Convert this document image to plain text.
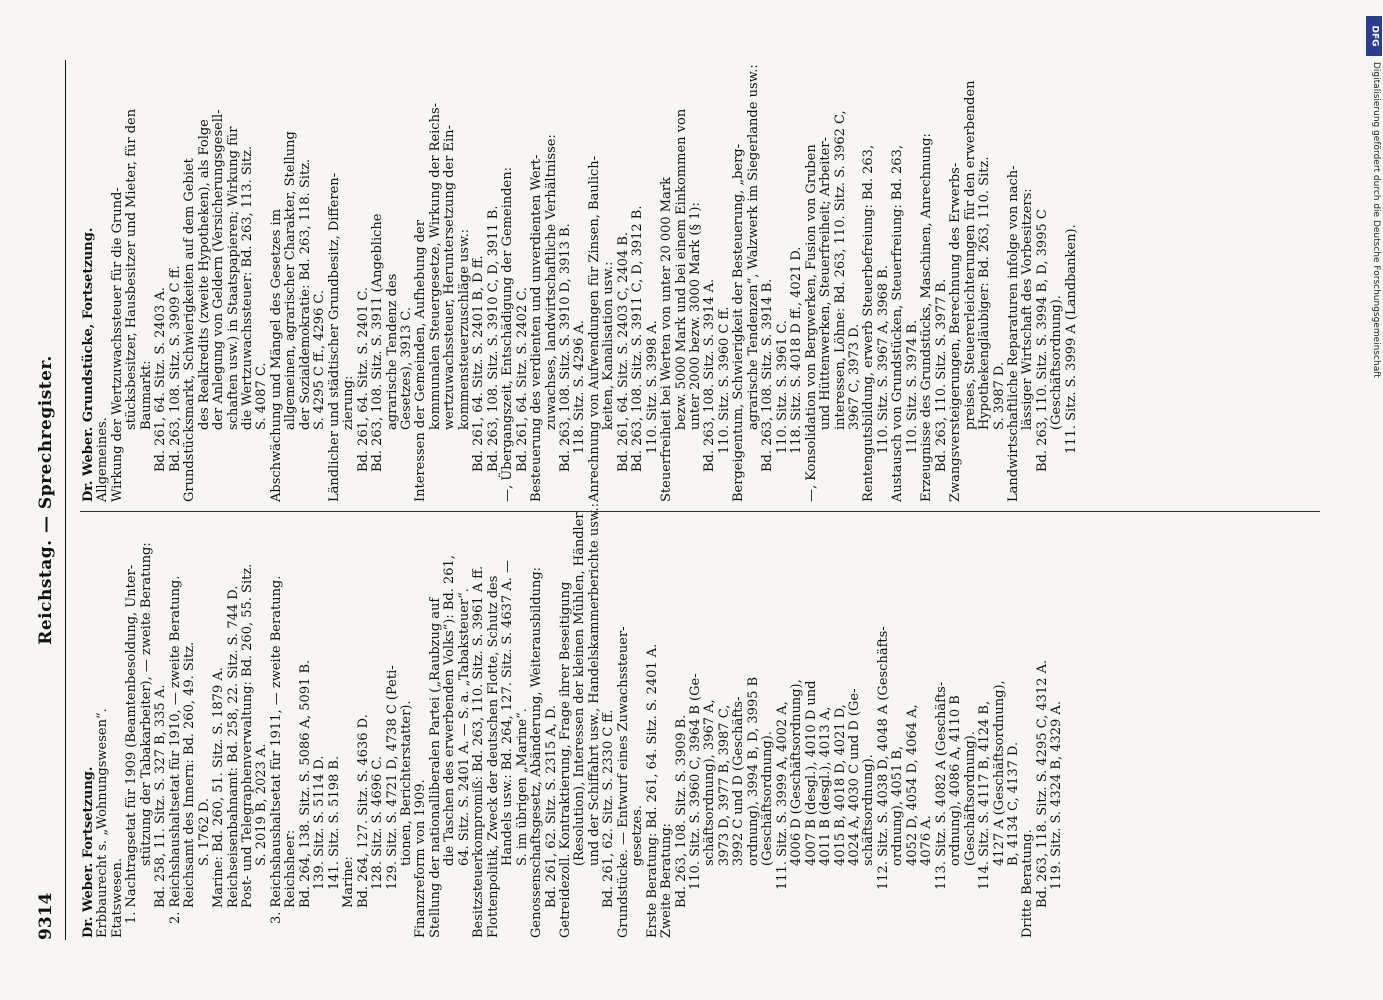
9314
Reichstag. — Sprechregister.
Dr. Weber. Fortsetzung. Erbbaurecht s. „Wohnungswesen“. Etatswesen. 1. Nachtragsetat für 1909 (Beamtenbesoldung, Unter- stützung der Tabakarbeiter), — zweite Beratung: Bd. 258, 11. Sitz. S. 327 B, 335 A. 2. Reichshaushaltsetat für 1910, — zweite Beratung. Reichsamt des Innern: Bd. 260, 49. Sitz. S. 1762 D. Marine: Bd. 260, 51. Sitz. S. 1879 A. Reichseisenbahnamt: Bd. 258, 22. Sitz. S. 744 D. Post- und Telegraphenverwaltung: Bd. 260, 55. Sitz. S. 2019 B, 2023 A. 3. Reichshaushaltsetat für 1911, — zweite Beratung. Reichsheer: Bd. 264, 138. Sitz. S. 5086 A, 5091 B. 139. Sitz. S. 5114 D. 141. Sitz. S. 5198 B. Marine: Bd. 264, 127. Sitz. S. 4636 D. 128. Sitz. S. 4696 C. 129. Sitz. S. 4721 D, 4738 C (Peti- tionen, Berichterstatter). Finanzreform von 1909. Stellung der nationalliberalen Partei („Raubzug auf die Taschen des erwerbenden Volks“): Bd. 261, 64. Sitz. S. 2401 A. — S. a. „Tabaksteuer“. Besitzsteuerkompromiß: Bd. 263, 110. Sitz. S. 3961 A ff. Flottenpolitik, Zweck der deutschen Flotte, Schutz des Handels usw.: Bd. 264, 127. Sitz. S. 4637 A. — S. im übrigen „Marine“. Genossenschaftsgesetz, Abänderung, Weiterausbildung: Bd. 261, 62. Sitz. S. 2315 A, D. Getreidezoll. Kontraktierung, Frage ihrer Beseitigung (Resolution), Interessen der kleinen Mühlen, Händler und der Schiffahrt usw., Handelskammerberichte usw.: Bd. 261, 62. Sitz. S. 2330 C ff. Grundstücke. — Entwurf eines Zuwachssteuer- gesetzes. Erste Beratung: Bd. 261, 64. Sitz. S. 2401 A. Zweite Beratung: Bd. 263, 108. Sitz. S. 3909 B. 110. Sitz. S. 3960 C, 3964 B (Ge- schäftsordnung), 3967 A, 3973 D, 3977 B, 3987 C, 3992 C und D (Geschäfts- ordnung), 3994 B, D, 3995 B (Geschäftsordnung). 111. Sitz. S. 3999 A, 4002 A, 4006 D (Geschäftsordnung), 4007 B (desgl.), 4010 D und 4011 B (desgl.), 4013 A, 4015 B, 4018 D, 4021 D, 4024 A, 4030 C und D (Ge- schäftsordnung). 112. Sitz. S. 4038 D, 4048 A (Geschäfts- ordnung), 4051 B, 4052 D, 4054 D, 4064 A, 4076 A. 113. Sitz. S. 4082 A (Geschäfts- ordnung), 4086 A, 4110 B (Geschäftsordnung). 114. Sitz. S. 4117 B, 4124 B, 4127 A (Geschäftsordnung), B, 4134 C, 4137 D.
Dritte Beratung. Bd. 263, 118. Sitz. S. 4295 C, 4312 A. 119. Sitz. S. 4324 B, 4329 A.
Dr. Weber. Grundstücke, Fortsetzung. Allgemeines. Wirkung der Wertzuwachssteuer für die Grund- stücksbesitzer, Hausbesitzer und Mieter, für den Baumarkt: Bd. 261, 64. Sitz. S. 2403 A. Bd. 263, 108. Sitz. S. 3909 C ff. Grundstücksmarkt, Schwierigkeiten auf dem Gebiet des Realkredits (zweite Hypotheken), als Folge der Anlegung von Geldern (Versicherungsgesell- schaften usw.) in Staatspapieren; Wirkung für die Wertzuwachssteuer: Bd. 263, 113. Sitz. S. 4087 C. Abschwächung und Mängel des Gesetzes im allgemeinen, agrarischer Charakter, Stellung der Sozialdemokratie: Bd. 263, 118. Sitz. S. 4295 C ff., 4296 C. Ländlicher und städtischer Grundbesitz, Differen- zierung: Bd. 261, 64. Sitz. S. 2401 C. Bd. 263, 108. Sitz. S. 3911 (Angebliche agrarische Tendenz des Gesetzes), 3913 C. Interessen der Gemeinden, Aufhebung der kommunalen Steuergesetze, Wirkung der Reichs- wertzuwachssteuer, Heruntersetzung der Ein- kommensteuerzuschläge usw.: Bd. 261, 64. Sitz. S. 2401 B, D ff. Bd. 263, 108. Sitz. S. 3910 C, D, 3911 B. —, Übergangszeit, Entschädigung der Gemeinden: Bd. 261, 64. Sitz. S. 2402 C. Besteuerung des verdienten und unverdienten Wert- zuwachses, landwirtschaftliche Verhältnisse: Bd. 263, 108. Sitz. S. 3910 D, 3913 B. 118. Sitz. S. 4296 A. Anrechnung von Aufwendungen für Zinsen, Baulich- keiten, Kanalisation usw.: Bd. 261, 64. Sitz. S. 2403 C, 2404 B. Bd. 263, 108. Sitz. S. 3911 C, D, 3912 B. 110. Sitz. S. 3998 A. Steuerfreiheit bei Werten von unter 20 000 Mark bezw. 5000 Mark und bei einem Einkommen von unter 2000 bezw. 3000 Mark (§ 1): Bd. 263, 108. Sitz. S. 3914 A. 110. Sitz. S. 3960 C ff. Bergeigentum, Schwierigkeit der Besteuerung, „berg- agrarische Tendenzen“, Walzwerk im Siegerlande usw.: Bd. 263, 108. Sitz. S. 3914 B. 110. Sitz. S. 3961 C. 118. Sitz. S. 4018 D ff., 4021 D. —, Konsolidation von Bergwerken, Fusion von Gruben und Hüttenwerken, Steuerfreiheit; Arbeiter- interessen, Löhne: Bd. 263, 110. Sitz. S. 3962 C, 3967 C, 3973 D. Rentengutsbildung, erwerb Steuerbefreiung: Bd. 263, 110. Sitz. S. 3967 A, 3968 B. Austausch von Grundstücken, Steuerfreiung: Bd. 263, 110. Sitz. S. 3974 B. Erzeugnisse des Grundstücks, Maschinen, Anrechnung: Bd. 263, 110. Sitz. S. 3977 B. Zwangsversteigerungen, Berechnung des Erwerbs- preises, Steuererleichterungen für den erwerbenden Hypothekengläubiger: Bd. 263, 110. Sitz. S. 3987 D. Landwirtschaftliche Reparaturen infolge von nach- lässiger Wirtschaft des Vorbesitzers: Bd. 263, 110. Sitz. S. 3994 B, D, 3995 C (Geschäftsordnung). 111. Sitz. S. 3999 A (Landbanken).
DFG
Digitalisierung gefördert durch die Deutsche Forschungsgemeinschaft
